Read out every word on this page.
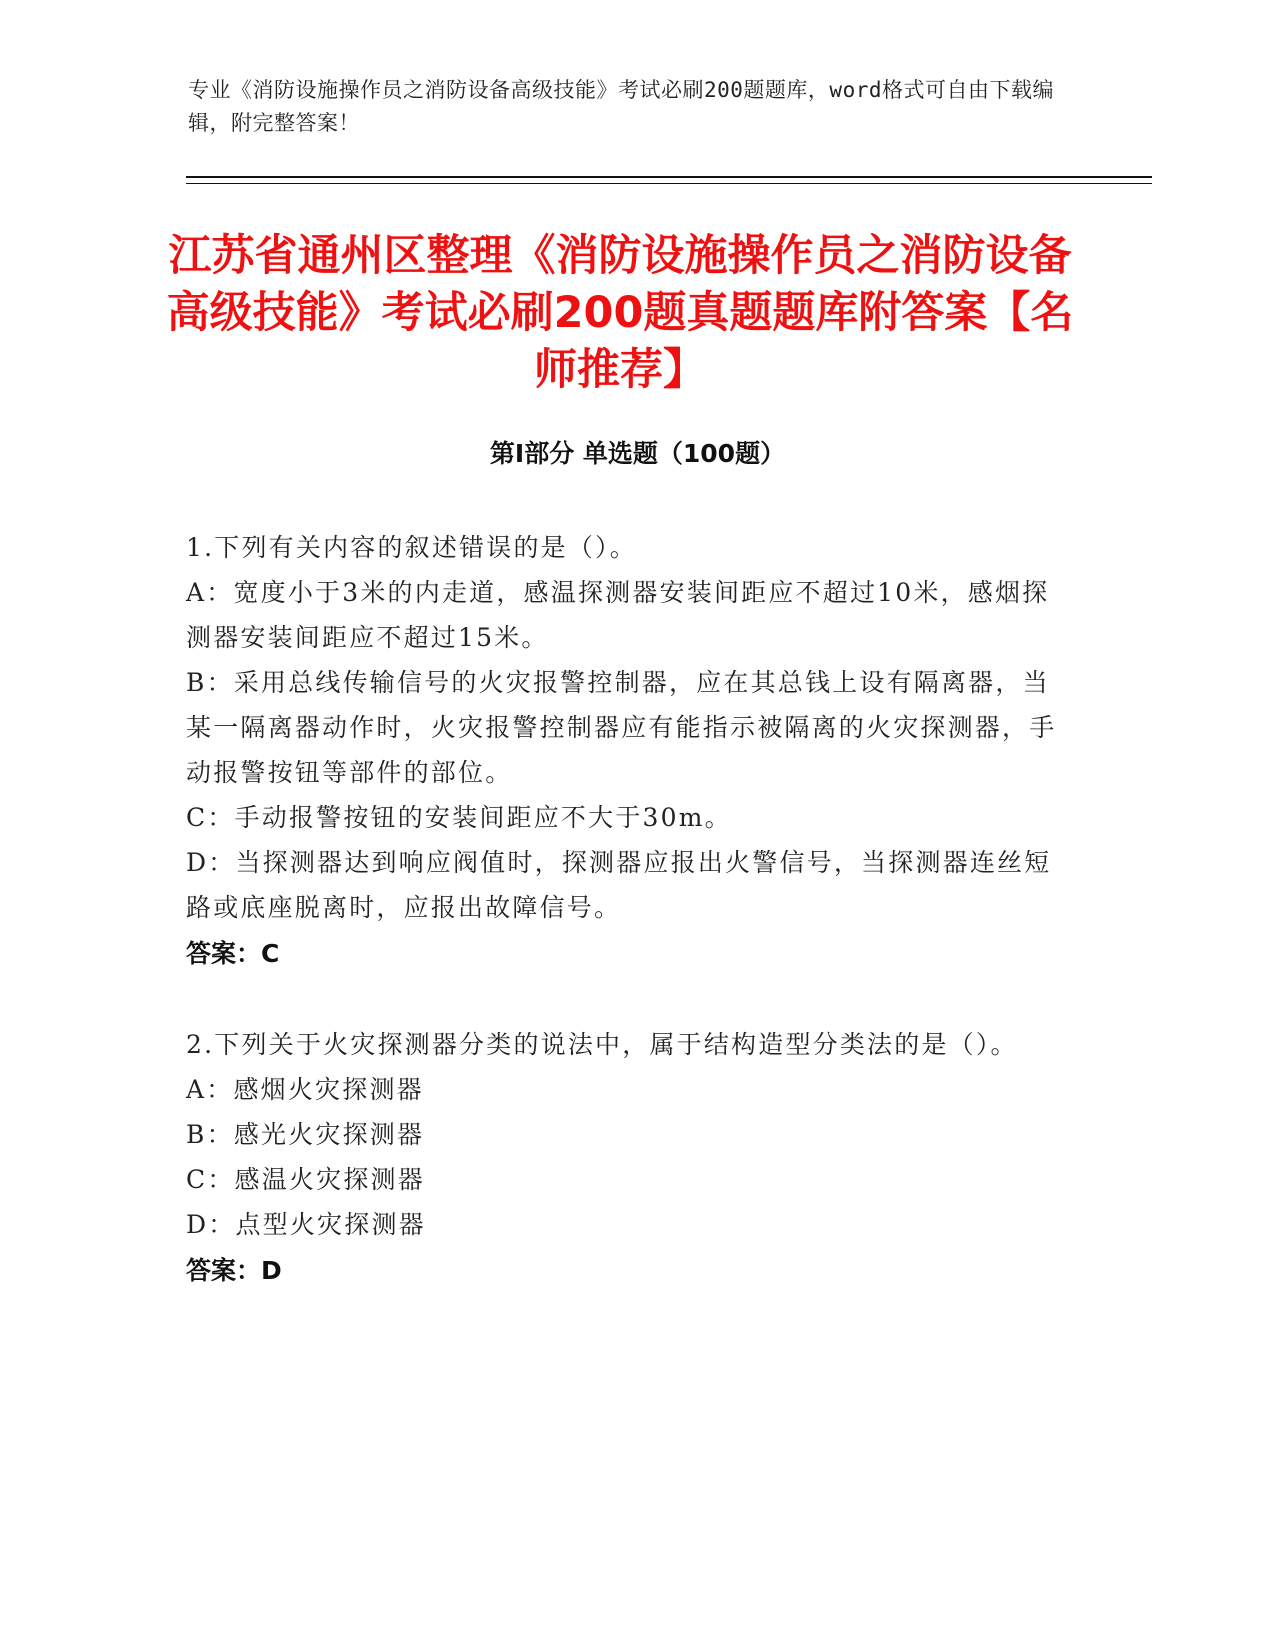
专业《消防设施操作员之消防设备高级技能》考试必刷200题题库，word格式可自由下载编辑，附完整答案！
江苏省通州区整理《消防设施操作员之消防设备高级技能》考试必刷200题真题题库附答案【名师推荐】
第Ⅰ部分 单选题（100题）
1.下列有关内容的叙述错误的是（）。
A：宽度小于3米的内走道，感温探测器安装间距应不超过10米，感烟探测器安装间距应不超过15米。
B：采用总线传输信号的火灾报警控制器，应在其总钱上设有隔离器，当某一隔离器动作时，火灾报警控制器应有能指示被隔离的火灾探测器，手动报警按钮等部件的部位。
C：手动报警按钮的安装间距应不大于30m。
D：当探测器达到响应阀值时，探测器应报出火警信号，当探测器连丝短路或底座脱离时，应报出故障信号。
答案：C
2.下列关于火灾探测器分类的说法中，属于结构造型分类法的是（）。
A：感烟火灾探测器
B：感光火灾探测器
C：感温火灾探测器
D：点型火灾探测器
答案：D
